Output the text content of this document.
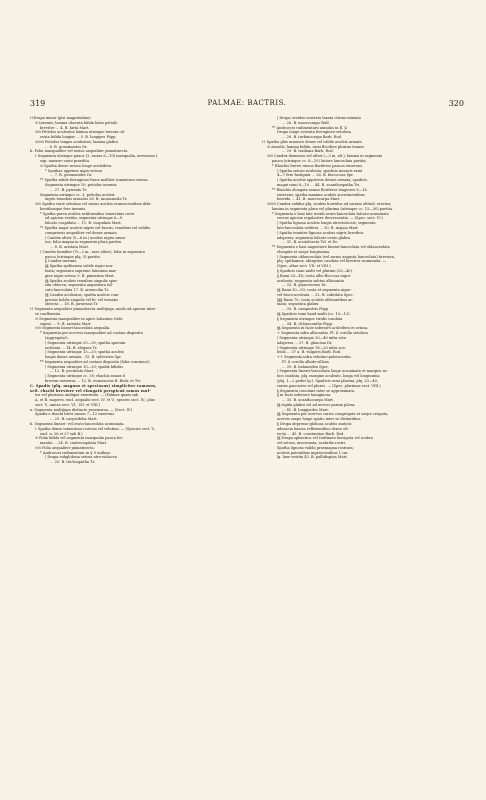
319	PALMAE: BACTRIS.	320
††Drupa minor (pisi magnitudine).
⊙ Inermis; lamina obovata bifida hirta petiolo
breviter … 4. B. hirta Mart.
⊙⊙ Petioles aculeatus lamina utrinque hirsuta ob-
ovata bifida longior … 5. B. longipes Pöpp.
⊙⊙⊙ Petiolus longus aculeatus; lamina glabra
… 6. B. gonomontos Dr.
b. Folia inaequaliter vel rarius aequaliter pinnatisecta.
† Segmenta utrinque pauca (3, rarius 6—10) inaequalia, nervorum l.
sup. numero vario praedita.
⊙ Spatha dense setoso longe aculeifera.
* Spathae apprime nigro-setosa
… 7. B. gnomonides Dr.
** Spatha nitide ferrugineo-fusca molliter tomentoso-setosa.
Segmenta utrinque 10; petiolus inermis
… 27. B. pyrenda Tr.
Segmenta utrinque cc. 3; petiolus aculeis
nigris tenuibus armatus 28. B. incommoda Tr.
⊙⊙ Spatha varie setulosa vel rarius aculeis evanescentibus dela-
bentibusque fere inermis.
* Spatha parva aculeis setiformibus tenerrimis certe
ad apicem vestita; segmenta utrinque 6—8
falcato cuspidata … 11. B. cuspidata Mart.
** Spatha major aculeis nigris vel fusciis, tenuibus vel validis,
compressis aequaliter vel dense armata.
| Candex altior (5—6 m.) aculeis nigris arma-
tus; folia magna in segmenta plura partita
… 8. B. aristata Mart.
| Candex humilior (½—2 m., raro altior); folia in segmenta
pauca (utrinque plq. 3) partita.
§ Candex inermis.
§§ Spatha spithamea valide nigro-acu-
leata; segmenta supreme latissima mar-
gine nigro-setoso 9. B. pinnatum Mart.
§§ Spatha aculeis tenuibus singulis spar-
sim obtecta; segmenta angustiora fal-
cato-lanceolata 17. B. arenicolia Tr.
§§ Candex aculeatus; spatha aculeis com-
pressis boldis singulis vel bi- vel ternatis
obtecta … 18. B. juruensis Tr.
†† Segmenta aequaliter pinnatisecta multijuga, modo ad apicem inter
se confluentia.
⊙ Segmenta inaequaliter in apice latissima (vide
supra) … 8. B. aristata Mart.
⊙⊙ Segmenta lineari-lanceolata aequalia.
* Segmenta per acervos inaequaliter ad costam disposita
(aggregata!).
| Segmenta utrinque 20—30; spatha sparsim
aculeata … 14. B. elegans Tr.
| Segmenta utrinque 15—20; spatha aculeis
longis dense armata . 15. B. sylvestris Spr.
** Segmenta aequaliter ad costam disposita (folia concinna!).
| Segmenta utrinque 10—20; spadix bifidus
… 12. B. pectinata Mart.
| Segmenta utrinque cc. 30; rhachis ramos 8
brevem exserens … 12. B. evanescens B. Rodr. et Tri.
C. Spadix (plq. magnus et speciosus) simpliciter ramosus,
scil. rhachi breviore vel elongatâ perspicuâ ramos mul-
tos vel plurimos undique exserente. — (Palmae quam sub
A. et B. majores, excl. aequalis sect. IV. et V.; species sect. IV., plur.
sect. V., annes sect. VI., VII. et VIII.)
a. Segmenta multijuga distincte praemorsa. — (Sect. IV.)
Spadix e rhachi brevi ramos 7—12 exserens
… 25. B. caryotifolia Mart.
b. Segmenta lineari- vel ovato-lanceolata acuminata.
† Spatha dense tomentoso-cortosa vel velutina. — (Species sect. V.,
excl. n. 26 et 27 sub B.)
⊙ Folia bifida vel segmenta inaequalia pauca for-
mantia … 24. B. cuatrocapitata Mart.
⊙⊙ Folia aequaliter pinnatisecta.
* Androecei rudimentum in ♀ 0 nullum.
| Drupa subglobosa setosa atro-violacea
… 25. B. trichospatha Tr.
| Drupa ovoideo-rostrata laxata citrino-miniata
… 26. B. macrocarpa Wall.
** Androecei rudimentarii annulus in fl. ♀.
Drupa longe rostrata ferrugineo-setulosa
… 28. B. turbinocarpa Barb. Rod.
†† Spatha plus minusve dense vel valide aculeis armata.
⊙ Anoulis; lamina bifida; rami flocifere plurimi tenues
… 29. B. trailiana Barb. Rod.
⊙⊙ Candex demissus vel altior (—3 m. alt.); lamina in segmenta
pauca (utrinque cc. 8—10) latiore lanceolata partita.
* Rhachis brevis ramos floriferos paucos exserens.
| Spatha setoso-aculeata; spadicis minoris rami
4—7 fere fastigiati … 26. B. fuscocosa Spr.
| Spatha aculeis appressis densis armata; spadicis
magni rami 8—10 … 44. B. acanthospatha Tri.
** Rhachis elongata ramos floriferos longiores 8—16
exserens; spatha maxima aculeis acerrimentibus
horrida … 41. B. macrocarpa Mart.
⊙⊙⊙ Candex validus plq. aculeis horridus ad varium altitud. erectus;
lamina in segmenta plura vel plurima (utrinque cc. 15—50) partita.
* Segmenta e basi late sessili ovato-lanceolata falcato-acuminata
versus apicem regulariter decrescentia. — (Spec. sect. VI.)
| Spatha lignosa aculeis longis atroviolaceis; segmenta
late-lanceolata setifera … 30. B. majaia Mart.
| Spatha tenuiter lignosa aculeis nigris brevibus
adspersa; segmenta falcato-ovato glabra
… 31. B. acutofoecta Trl. et Dr.
** Segmenta e basi angustiore lineari-lanceolata vel oblanceolata
elongata et saepe longissima.
| Segmenta oblanceolata (vel rarius angusta lanceolata) breviora,
plq. spithamea, abruptius caudata vel breviter acuminata. —
(Spec. altae sect. VII. et VIII.)
§ Spadicis rami multi vel plurimi (20—40).
§ Rami 20—40; costa albo-floccosa nigro-
aculeata; segmenta subtus albicantia
… 33. B. glaucescens Dr.
§§ Rami 30—50; costa et segmenta nigro-
vel fusco-aculeata … 32. B. subtiluta Spec.
§§§ Rami 70; costa aculeis albicantibus ar-
mata; segmenta glabra
… 35. B. campestris Pöpp.
§§ Spadicis rami haud multi (cc. 10—12).
§ Segmenta utrinque viridis condata
… 34. B. chloracantha Pöpp.
§§ Segmenta in facie inferiore aculeifera et setosa.
+ Segmenta infra albicantia. Fl. ♀ corolla setulosa.
| Segmenta utrinque 30—40 infra seta
adspersa … 37. B. glaucina Dr.
| Segmenta utrinque 18—20 infra aca-
leida … 37 a. B. vulgaris Barb. Rod.
++ Segmenta infra velutino-pubescentia.
Fl. ♀ corolla albido-villosa
… 39. B. balanoidea Spec.
| Segmenta lineari-lanceolata longe acuminata et margine ar-
tico caudata, plq. margine aculeato, longa vel longissima
(plq. 1—2 pedes lg.). Spadicis rami plurimi, plq. 20—40,
rarius pauciores vel plures. — (Spec. plurimae sect. VIII.)
§ Segmenta concinne inter se approximata,
§ in facie inferiore lanuginosa
… 35. B. acanthocarpa Mart.
§§ rigida glabra vel ad nervos parum pilosa
… 41. B. longipedes Mart.
§§ Segmenta per acervos varios congregata et saepe crispata,
acervis saepe longe spatio inter se distantibus.
§ Drupa depresso-globosa aculeis muticis
adnascia hamos reflexentibus dense ob-
tecta … 43. B. constantiae Barb. Rod.
§§ Drupa sphaerica vel turbinata laevigata vel scabra
vel setosa, mucronata, scabrilis rostri.
Spatha lignosa valida praemagna rostrata;
aculeis patentibus nigrescentibus 1 cm.
lg. laxe vestita 43. B. pallidispina Mart.
